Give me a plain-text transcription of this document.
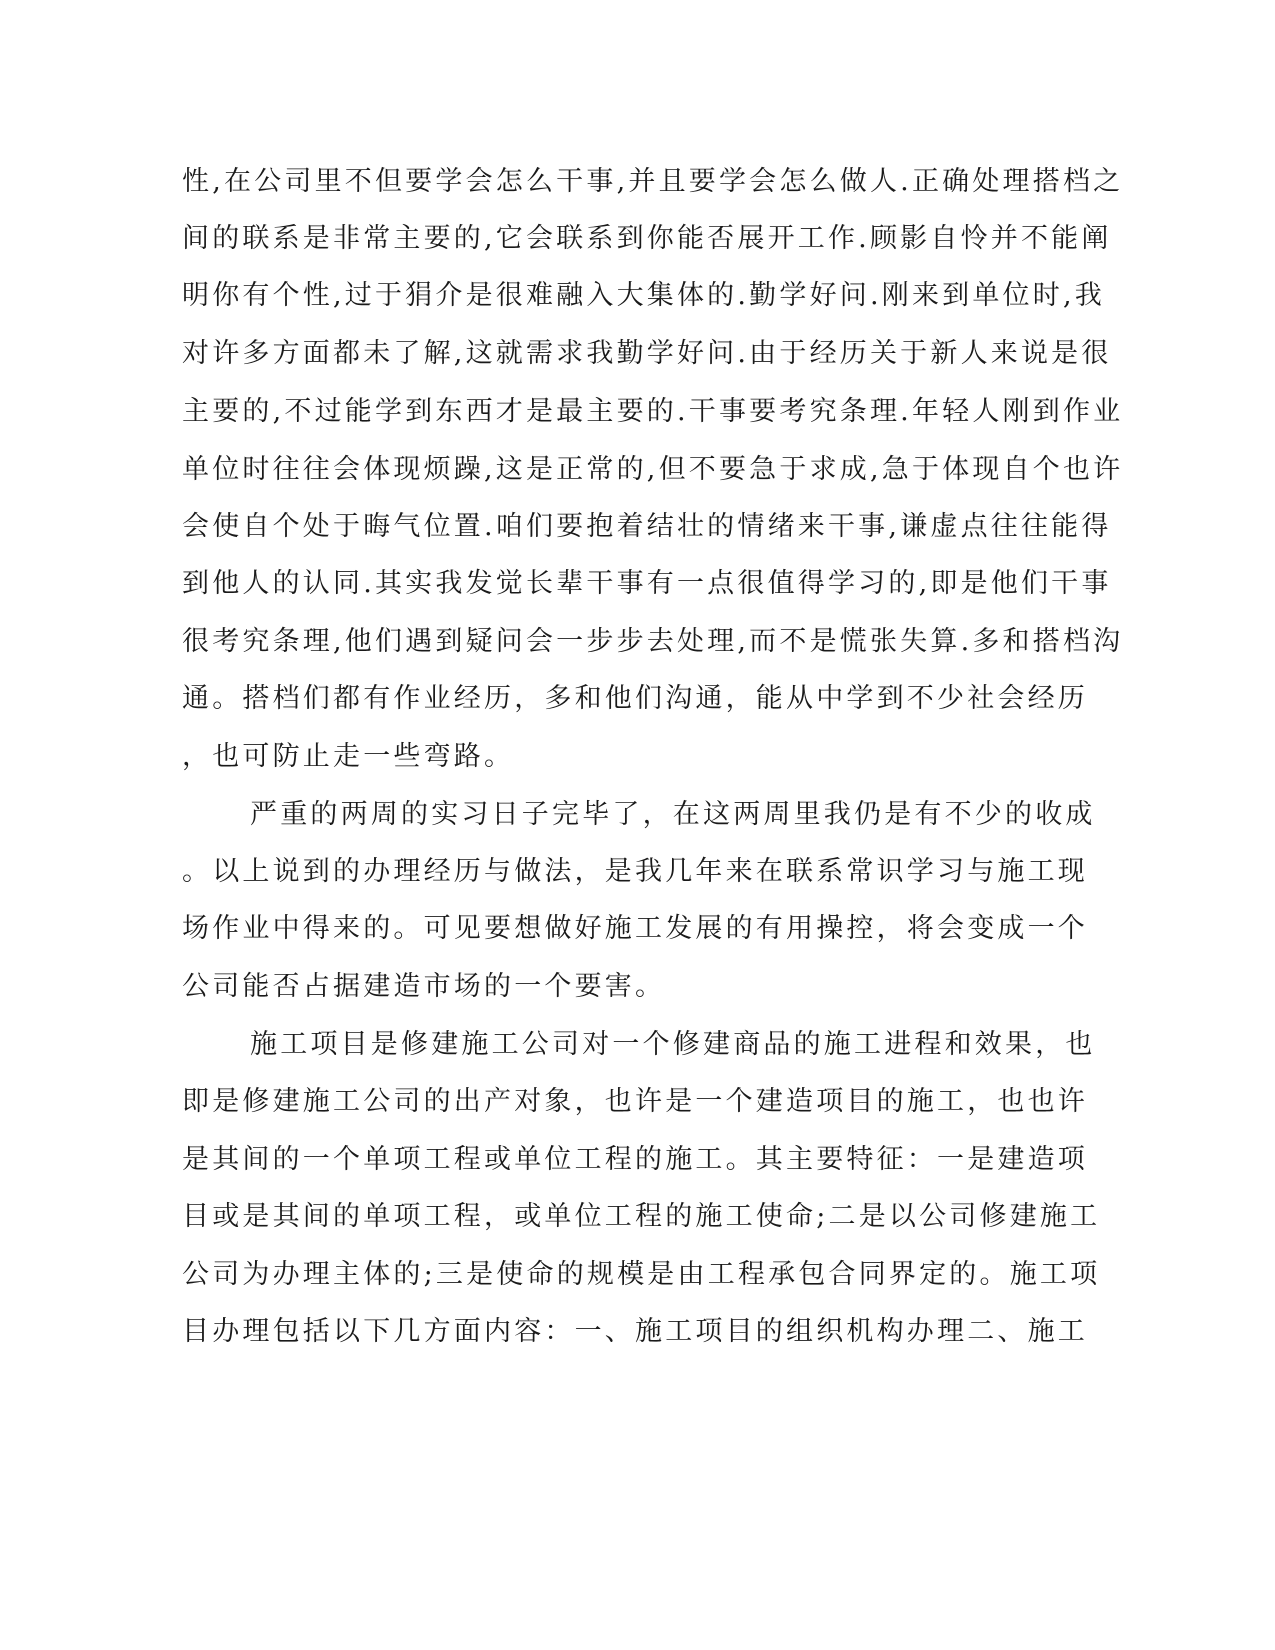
性,在公司里不但要学会怎么干事,并且要学会怎么做人.正确处理搭档之
间的联系是非常主要的,它会联系到你能否展开工作.顾影自怜并不能阐
明你有个性,过于狷介是很难融入大集体的.勤学好问.刚来到单位时,我
对许多方面都未了解,这就需求我勤学好问.由于经历关于新人来说是很
主要的,不过能学到东西才是最主要的.干事要考究条理.年轻人刚到作业
单位时往往会体现烦躁,这是正常的,但不要急于求成,急于体现自个也许
会使自个处于晦气位置.咱们要抱着结壮的情绪来干事,谦虚点往往能得
到他人的认同.其实我发觉长辈干事有一点很值得学习的,即是他们干事
很考究条理,他们遇到疑问会一步步去处理,而不是慌张失算.多和搭档沟
通。搭档们都有作业经历，多和他们沟通，能从中学到不少社会经历
，也可防止走一些弯路。
严重的两周的实习日子完毕了，在这两周里我仍是有不少的收成
。以上说到的办理经历与做法，是我几年来在联系常识学习与施工现
场作业中得来的。可见要想做好施工发展的有用操控，将会变成一个
公司能否占据建造市场的一个要害。
施工项目是修建施工公司对一个修建商品的施工进程和效果，也
即是修建施工公司的出产对象，也许是一个建造项目的施工，也也许
是其间的一个单项工程或单位工程的施工。其主要特征：一是建造项
目或是其间的单项工程，或单位工程的施工使命;二是以公司修建施工
公司为办理主体的;三是使命的规模是由工程承包合同界定的。施工项
目办理包括以下几方面内容：一、施工项目的组织机构办理二、施工
